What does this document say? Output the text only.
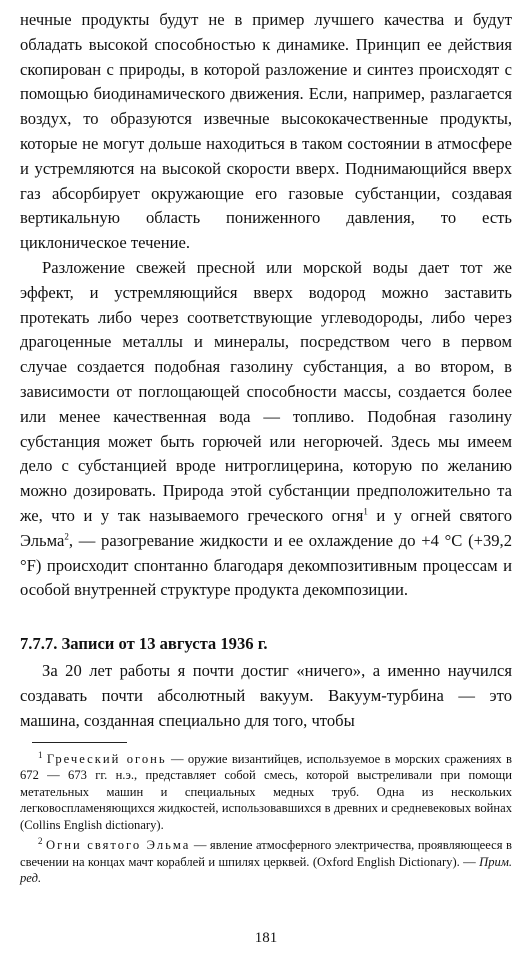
нечные продукты будут не в пример лучшего качества и будут обладать высокой способностью к динамике. Принцип ее действия скопирован с природы, в которой разложение и синтез происходят с помощью биодинамического движения. Если, например, разлагается воздух, то образуются извечные высококачественные продукты, которые не могут дольше находиться в таком состоянии в атмосфере и устремляются на высокой скорости вверх. Поднимающийся вверх газ абсорбирует окружающие его газовые субстанции, создавая вертикальную область пониженного давления, то есть циклоническое течение.

Разложение свежей пресной или морской воды дает тот же эффект, и устремляющийся вверх водород можно заставить протекать либо через соответствующие углеводороды, либо через драгоценные металлы и минералы, посредством чего в первом случае создается подобная газолину субстанция, а во втором, в зависимости от поглощающей способности массы, создается более или менее качественная вода — топливо. Подобная газолину субстанция может быть горючей или негорючей. Здесь мы имеем дело с субстанцией вроде нитроглицерина, которую по желанию можно дозировать. Природа этой субстанции предположительно та же, что и у так называемого греческого огня$^1$ и у огней святого Эльма$^2$, — разогревание жидкости и ее охлаждение до +4 °С (+39,2 °F) происходит спонтанно благодаря декомпозитивным процессам и особой внутренней структуре продукта декомпозиции.

7.7.7. Записи от 13 августа 1936 г.

За 20 лет работы я почти достиг «ничего», а именно научился создавать почти абсолютный вакуум. Вакуум-турбина — это машина, созданная специально для того, чтобы

$^1$ Греческий огонь — оружие византийцев, используемое в морских сражениях в 672 — 673 гг. н.э., представляет собой смесь, которой выстреливали при помощи метательных машин и специальных медных труб. Одна из нескольких легковоспламеняющихся жидкостей, использовавшихся в древних и средневековых войнах (Collins English dictionary).

$^2$ Огни святого Эльма — явление атмосферного электричества, проявляющееся в свечении на концах мачт кораблей и шпилях церквей. (Oxford English Dictionary). — Прим. ред.

181
